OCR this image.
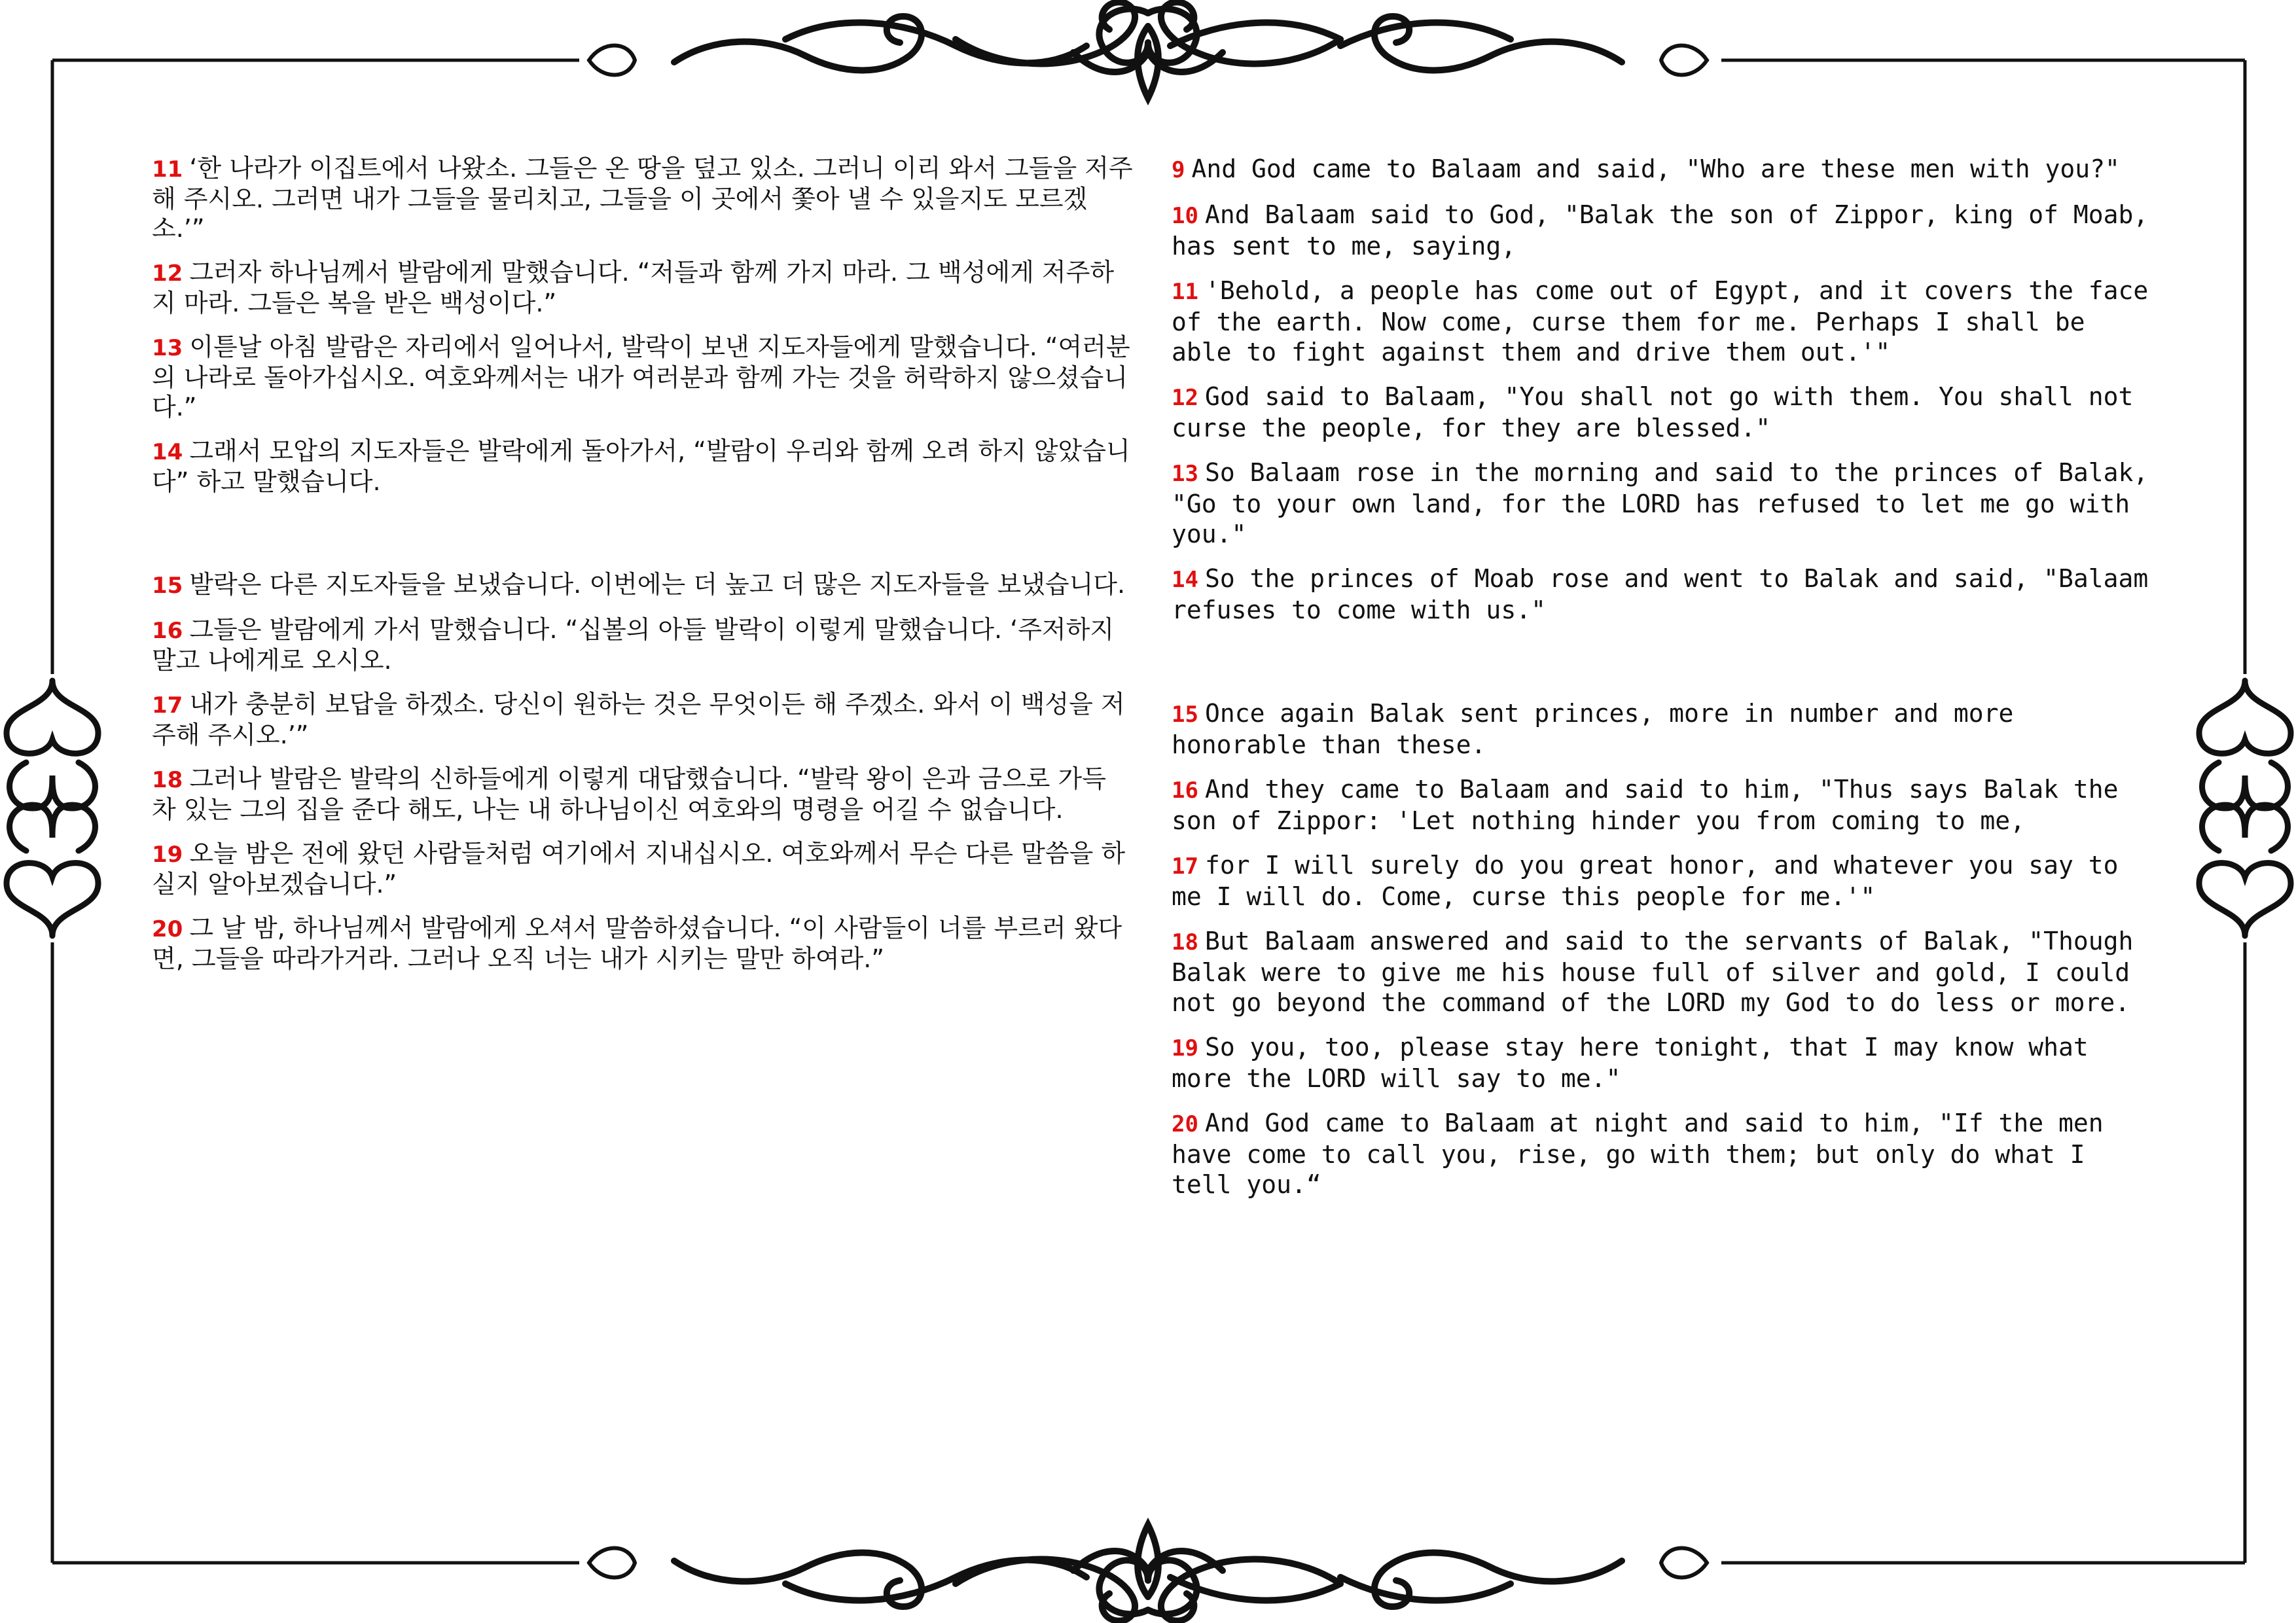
11 ‘한 나라가 이집트에서 나왔소. 그들은 온 땅을 덮고 있소. 그러니 이리 와서 그들을 저주해 주시오. 그러면 내가 그들을 물리치고, 그들을 이 곳에서 쫓아 낼 수 있을지도 모르겠소.’”

12 그러자 하나님께서 발람에게 말했습니다. “저들과 함께 가지 마라. 그 백성에게 저주하지 마라. 그들은 복을 받은 백성이다.”

13 이튿날 아침 발람은 자리에서 일어나서, 발락이 보낸 지도자들에게 말했습니다. “여러분의 나라로 돌아가십시오. 여호와께서는 내가 여러분과 함께 가는 것을 허락하지 않으셨습니다.”

14 그래서 모압의 지도자들은 발락에게 돌아가서, “발람이 우리와 함께 오려 하지 않았습니다” 하고 말했습니다.

15 발락은 다른 지도자들을 보냈습니다. 이번에는 더 높고 더 많은 지도자들을 보냈습니다.

16 그들은 발람에게 가서 말했습니다. “십볼의 아들 발락이 이렇게 말했습니다. ‘주저하지 말고 나에게로 오시오.

17 내가 충분히 보답을 하겠소. 당신이 원하는 것은 무엇이든 해 주겠소. 와서 이 백성을 저주해 주시오.’”

18 그러나 발람은 발락의 신하들에게 이렇게 대답했습니다. “발락 왕이 은과 금으로 가득 차 있는 그의 집을 준다 해도, 나는 내 하나님이신 여호와의 명령을 어길 수 없습니다.

19 오늘 밤은 전에 왔던 사람들처럼 여기에서 지내십시오. 여호와께서 무슨 다른 말씀을 하실지 알아보겠습니다.”

20 그 날 밤, 하나님께서 발람에게 오셔서 말씀하셨습니다. “이 사람들이 너를 부르러 왔다면, 그들을 따라가거라. 그러나 오직 너는 내가 시키는 말만 하여라.”

9 And God came to Balaam and said, "Who are these men with you?"

10 And Balaam said to God, "Balak the son of Zippor, king of Moab, has sent to me, saying,

11 'Behold, a people has come out of Egypt, and it covers the face of the earth. Now come, curse them for me. Perhaps I shall be able to fight against them and drive them out.'"

12 God said to Balaam, "You shall not go with them. You shall not curse the people, for they are blessed."

13 So Balaam rose in the morning and said to the princes of Balak, "Go to your own land, for the LORD has refused to let me go with you."

14 So the princes of Moab rose and went to Balak and said, "Balaam refuses to come with us."

15 Once again Balak sent princes, more in number and more honorable than these.

16 And they came to Balaam and said to him, "Thus says Balak the son of Zippor: 'Let nothing hinder you from coming to me,

17 for I will surely do you great honor, and whatever you say to me I will do. Come, curse this people for me.'"

18 But Balaam answered and said to the servants of Balak, "Though Balak were to give me his house full of silver and gold, I could not go beyond the command of the LORD my God to do less or more.

19 So you, too, please stay here tonight, that I may know what more the LORD will say to me."

20 And God came to Balaam at night and said to him, "If the men have come to call you, rise, go with them; but only do what I tell you.“
